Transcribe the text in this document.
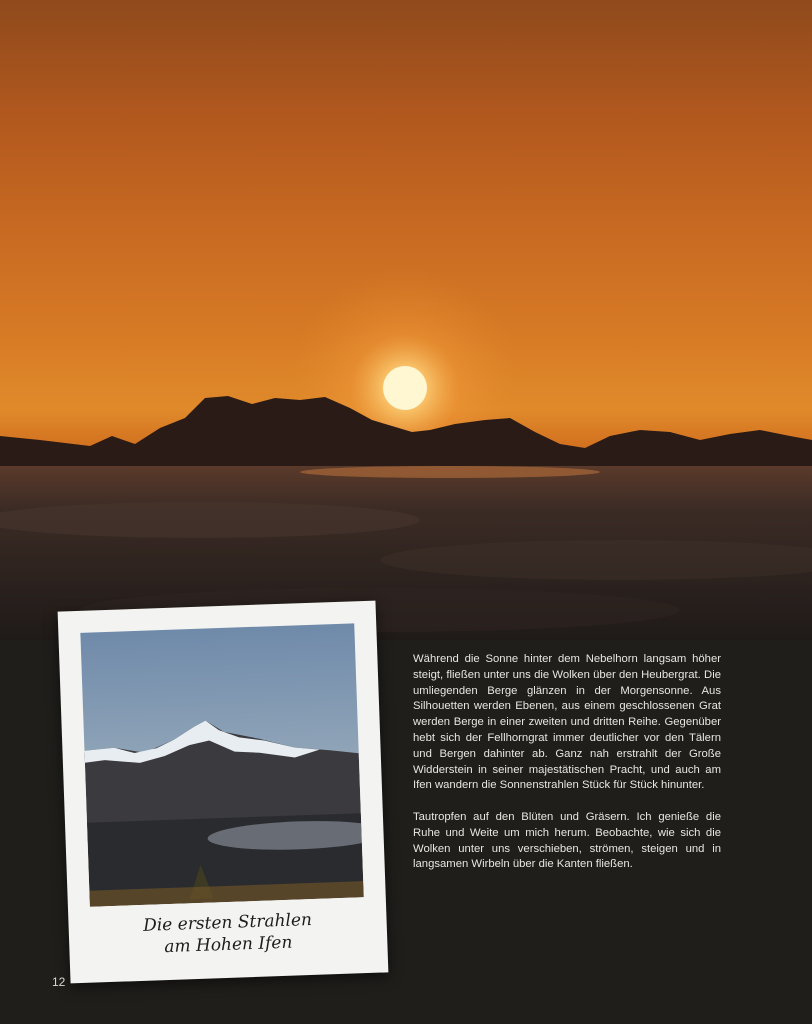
Die ersten Strahlen
am Hohen Ifen

Während die Sonne hinter dem Nebelhorn langsam höher steigt, fließen unter uns die Wolken über den Heubergrat. Die umliegenden Berge glänzen in der Morgensonne. Aus Silhouetten werden Ebenen, aus einem geschlossenen Grat werden Berge in einer zweiten und dritten Reihe. Gegenüber hebt sich der Fellhorngrat immer deutlicher vor den Tälern und Bergen dahinter ab. Ganz nah erstrahlt der Große Widderstein in seiner majestätischen Pracht, und auch am Ifen wandern die Sonnenstrahlen Stück für Stück hinunter.

Tautropfen auf den Blüten und Gräsern. Ich genieße die Ruhe und Weite um mich herum. Beobachte, wie sich die Wolken unter uns verschieben, strömen, steigen und in langsamen Wirbeln über die Kanten fließen.

12
